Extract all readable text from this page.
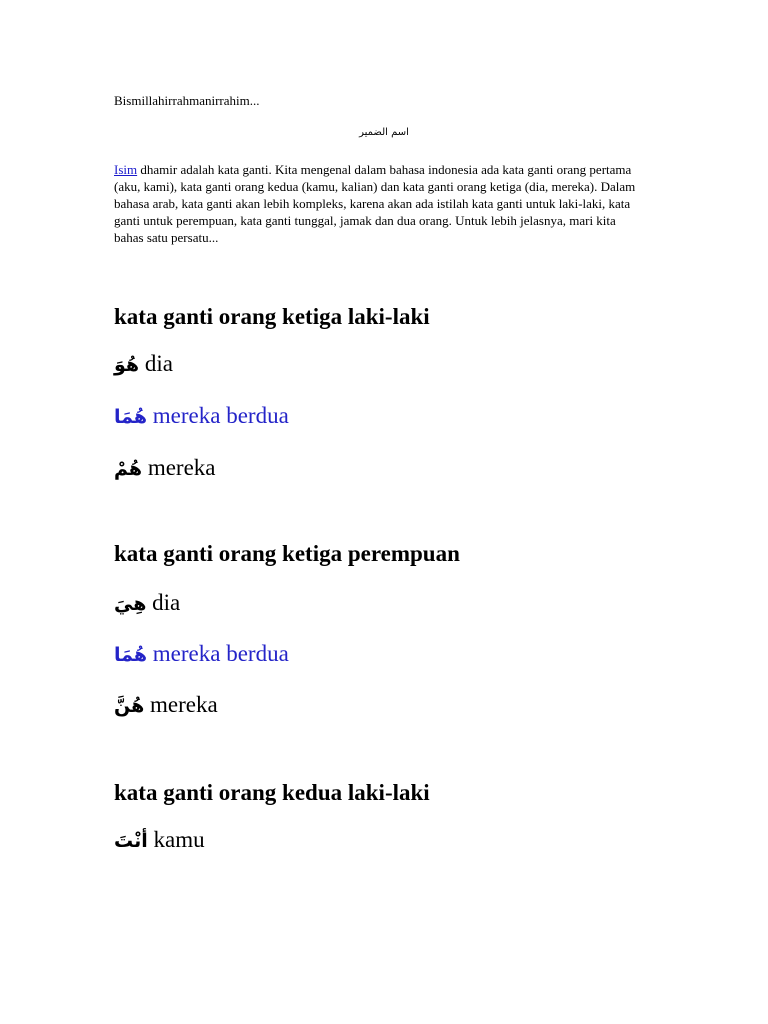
Bismillahirrahmanirrahim...
اسم الضمير

Isim dhamir adalah kata ganti. Kita mengenal dalam bahasa indonesia ada kata ganti orang pertama (aku, kami), kata ganti orang kedua (kamu, kalian) dan kata ganti orang ketiga (dia, mereka). Dalam bahasa arab, kata ganti akan lebih kompleks, karena akan ada istilah kata ganti untuk laki-laki, kata ganti untuk perempuan, kata ganti tunggal, jamak dan dua orang. Untuk lebih jelasnya, mari kita bahas satu persatu...

kata ganti orang ketiga laki-laki
هُوَ dia
هُمَا mereka berdua
هُمْ mereka
kata ganti orang ketiga perempuan
هِيَ dia
هُمَا mereka berdua
هُنَّ mereka
kata ganti orang kedua laki-laki
أنْتَ kamu
